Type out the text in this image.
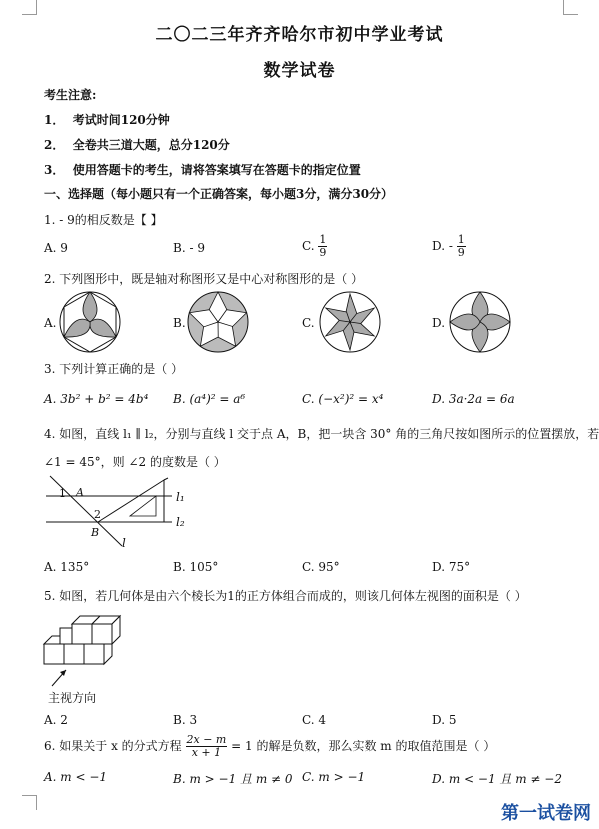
二〇二三年齐齐哈尔市初中学业考试
数学试卷
考生注意:
1． 考试时间120分钟
2． 全卷共三道大题，总分120分
3． 使用答题卡的考生，请将答案填写在答题卡的指定位置
一、选择题（每小题只有一个正确答案，每小题3分，满分30分）
1. - 9的相反数是【 】
A. 9	B. - 9	C. $\frac{1}{9}$	D. - $\frac{1}{9}$
2. 下列图形中，既是轴对称图形又是中心对称图形的是（ ）
A.	B.	C.	D.
3. 下列计算正确的是（ ）
A. 3b² + b² = 4b⁴ B. (a⁴)² = a⁶	C. (−x²)² = x⁴	D. 3a·2a = 6a
4. 如图，直线 l₁ ∥ l₂，分别与直线 l 交于点 A，B，把一块含 30° 角的三角尺按如图所示的位置摆放，若
∠1 = 45°，则 ∠2 的度数是（ ）
1 A
2
B
l₁
l₂
l
A. 135°	B. 105°	C. 95°	D. 75°
5. 如图，若几何体是由六个棱长为1的正方体组合而成的，则该几何体左视图的面积是（ ）
主视方向
A. 2	B. 3	C. 4	D. 5
6. 如果关于 x 的分式方程 $\frac{2x - m}{x + 1} = 1$ 的解是负数，那么实数 m 的取值范围是（ ）
A. m < −1	B. m > −1 且 m ≠ 0 C. m > −1	D. m < −1 且 m ≠ −2
第一试卷网
